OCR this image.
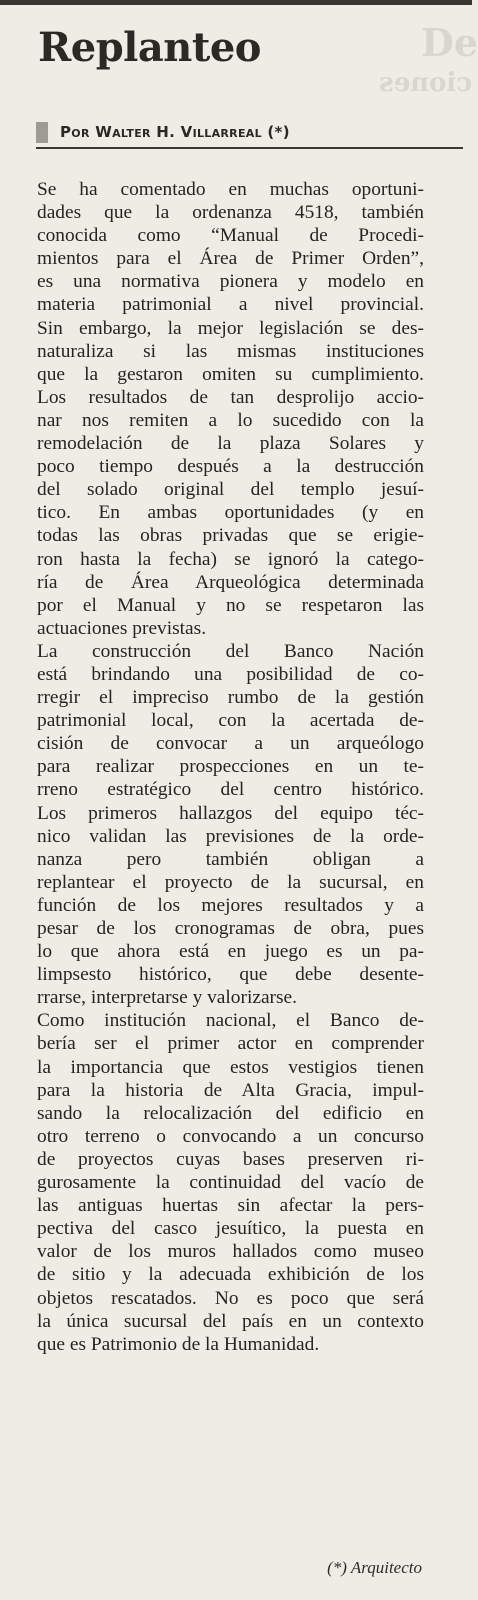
De
ciones
Replanteo
Por Walter H. Villarreal (*)
Se ha comentado en muchas oportuni-
dades que la ordenanza 4518, también
conocida como “Manual de Procedi-
mientos para el Área de Primer Orden”,
es una normativa pionera y modelo en
materia patrimonial a nivel provincial.
Sin embargo, la mejor legislación se des-
naturaliza si las mismas instituciones
que la gestaron omiten su cumplimiento.
Los resultados de tan desprolijo accio-
nar nos remiten a lo sucedido con la
remodelación de la plaza Solares y
poco tiempo después a la destrucción
del solado original del templo jesuí-
tico. En ambas oportunidades (y en
todas las obras privadas que se erigie-
ron hasta la fecha) se ignoró la catego-
ría de Área Arqueológica determinada
por el Manual y no se respetaron las
actuaciones previstas.
La construcción del Banco Nación
está brindando una posibilidad de co-
rregir el impreciso rumbo de la gestión
patrimonial local, con la acertada de-
cisión de convocar a un arqueólogo
para realizar prospecciones en un te-
rreno estratégico del centro histórico.
Los primeros hallazgos del equipo téc-
nico validan las previsiones de la orde-
nanza pero también obligan a
replantear el proyecto de la sucursal, en
función de los mejores resultados y a
pesar de los cronogramas de obra, pues
lo que ahora está en juego es un pa-
limpsesto histórico, que debe desente-
rrarse, interpretarse y valorizarse.
Como institución nacional, el Banco de-
bería ser el primer actor en comprender
la importancia que estos vestigios tienen
para la historia de Alta Gracia, impul-
sando la relocalización del edificio en
otro terreno o convocando a un concurso
de proyectos cuyas bases preserven ri-
gurosamente la continuidad del vacío de
las antiguas huertas sin afectar la pers-
pectiva del casco jesuítico, la puesta en
valor de los muros hallados como museo
de sitio y la adecuada exhibición de los
objetos rescatados. No es poco que será
la única sucursal del país en un contexto
que es Patrimonio de la Humanidad.
(*) Arquitecto
